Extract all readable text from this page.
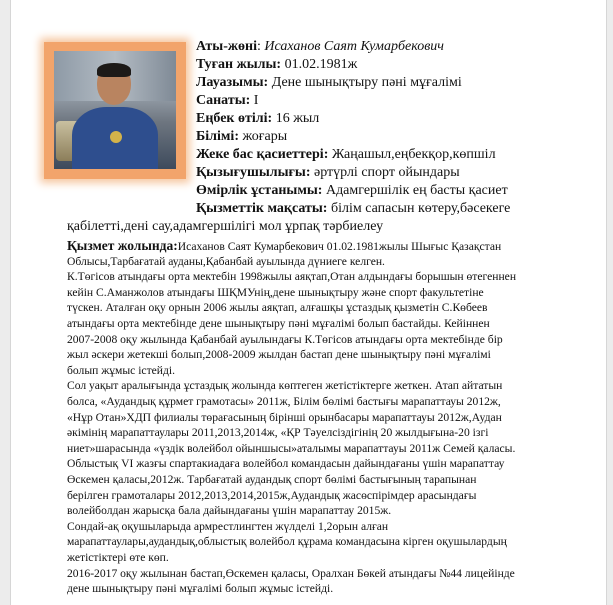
Аты-жөні: Исаханов Саят Кумарбекович
Туған жылы: 01.02.1981ж
Лауазымы: Дене шынықтыру пәні мұғалімі
Санаты: I
Еңбек өтілі: 16 жыл
Білімі: жоғары
Жеке бас қасиеттері: Жаңашыл,еңбекқор,көпшіл
Қызығушылығы: әртүрлі спорт ойындары
Өмірлік ұстанымы: Адамгершілік ең басты қасиет
Қызметтік мақсаты: білім сапасын көтеру,бәсекеге
қабілетті,дені сау,адамгершілігі мол ұрпақ тәрбиелеу
Қызмет жолында:Исаханов Саят Кумарбекович 01.02.1981жылы Шығыс Қазақстан
Облысы,Тарбағатай ауданы,Қабанбай ауылында дүниеге келген.
К.Төгісов атындағы орта мектебін 1998жылы аяқтап,Отан алдындағы борышын өтегеннен
кейін С.Аманжолов атындағы ШҚМУнің,дене шынықтыру және спорт факультетіне
түскен. Аталған оқу орнын 2006 жылы аяқтап, алғашқы ұстаздық қызметін С.Көбеев
атындағы орта мектебінде дене шынықтыру пәні мұғалімі болып бастайды. Кейіннен
2007-2008 оқу жылында Қабанбай ауылындағы К.Төгісов атындағы орта мектебінде бір
жыл әскери жетекші болып,2008-2009 жылдан бастап дене шынықтыру пәні мұғалімі
болып жұмыс істейді.
Сол уақыт аралығында ұстаздық жолында көптеген жетістіктерге жеткен. Атап айтатын
болса, «Аудандық құрмет грамотасы» 2011ж, Білім бөлімі бастығы марапаттауы 2012ж,
«Нұр Отан»ХДП филиалы төрағасының бірінші орынбасары марапаттауы 2012ж,Аудан
әкімінің марапаттаулары 2011,2013,2014ж, «ҚР Тәуелсіздігінің 20 жылдығына-20 ізгі
ниет»шарасында «үздік волейбол ойыншысы»аталымы марапаттауы 2011ж Семей қаласы.
Облыстық VI жазғы спартакиадаға волейбол командасын дайындағаны үшін марапаттау
Өскемен қаласы,2012ж. Тарбағатай аудандық спорт бөлімі бастығының тарапынан
берілген грамоталары 2012,2013,2014,2015ж,Аудандық жасөспірімдер арасындағы
волейболдан жарысқа бала дайындағаны үшін марапаттау 2015ж.
Сондай-ақ оқушыларыда армрестлингтен жүлделі 1,2орын алған
марапаттаулары,аудандық,облыстық волейбол құрама командасына кірген оқушылардың
жетістіктері өте көп.
2016-2017 оқу жылынан бастап,Өскемен қаласы, Оралхан Бөкей атындағы №44 лицейінде
дене шынықтыру пәні мұғалімі болып жұмыс істейді.
